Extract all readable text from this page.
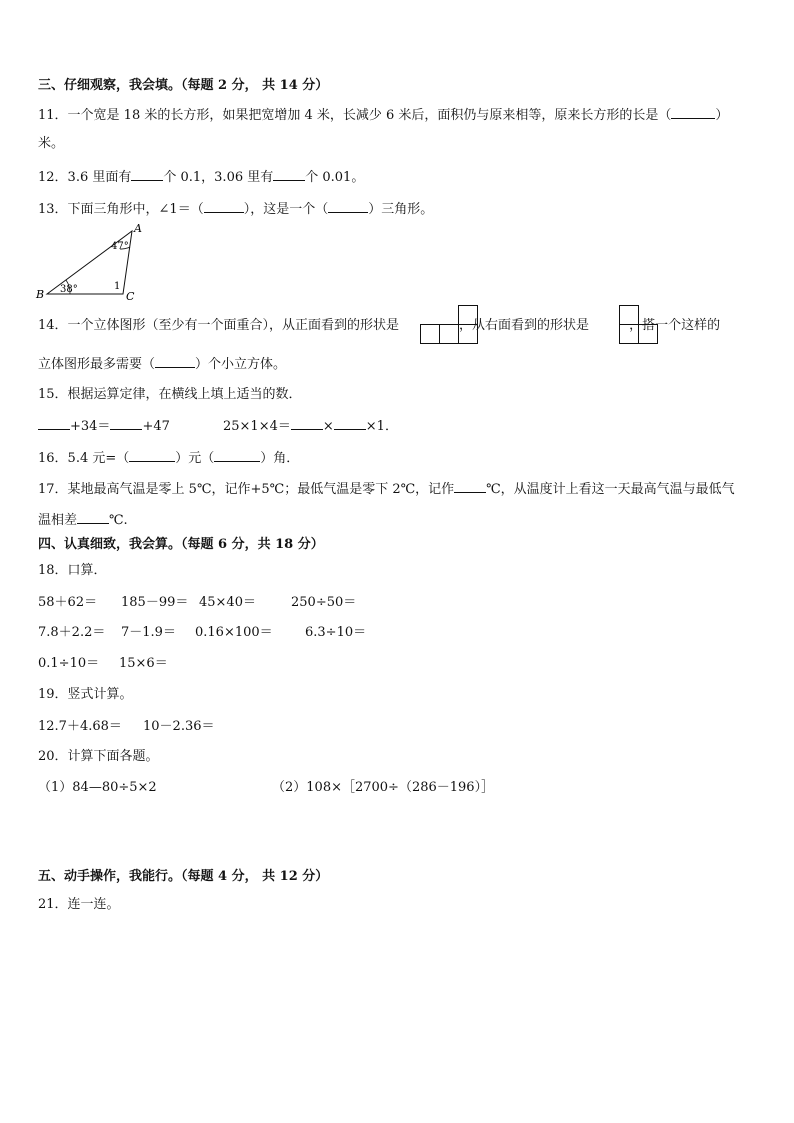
三、仔细观察，我会填。（每题 2 分， 共 14 分）
11．一个宽是 18 米的长方形，如果把宽增加 4 米，长减少 6 米后，面积仍与原来相等，原来长方形的长是（	）
米。
12．3.6 里面有 个 0.1，3.06 里有 个 0.01。
13．下面三角形中，∠1＝（	），这是一个（	）三角形。
B
A
C
47°
38°	1
14．一个立体图形（至少有一个面重合），从正面看到的形状是	，从右面看到的形状是	，搭一个这样的
立体图形最多需要（	）个小立方体。
15．根据运算定律，在横线上填上适当的数．
+34＝ +47	25×1×4＝ × ×1．
16．5.4 元=（	）元（	）角．
17．某地最高气温是零上 5℃，记作+5℃；最低气温是零下 2℃，记作 ℃，从温度计上看这一天最高气温与最低气
温相差 ℃.
四、认真细致，我会算。（每题 6 分，共 18 分）
18．口算．
58＋62＝ 185－99＝ 45×40＝	250÷50＝
7.8＋2.2＝ 7－1.9＝ 0.16×100＝ 6.3÷10＝
0.1÷10＝ 15×6＝
19．竖式计算。
12.7＋4.68＝ 10－2.36＝
20．计算下面各题。
（1）84—80÷5×2	（2）108×［2700÷（286－196）］
五、动手操作，我能行。（每题 4 分， 共 12 分）
21．连一连。
